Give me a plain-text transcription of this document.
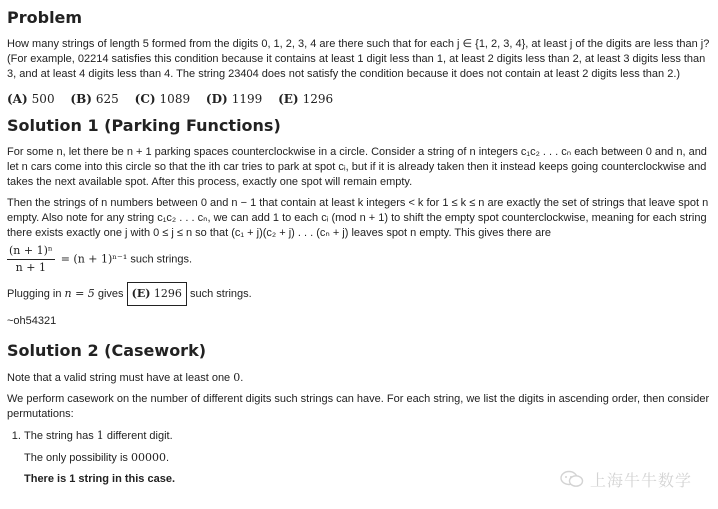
Problem

How many strings of length 5 formed from the digits 0, 1, 2, 3, 4 are there such that for each j ∈ {1, 2, 3, 4}, at least j of the digits are less than j? (For example, 02214 satisfies this condition because it contains at least 1 digit less than 1, at least 2 digits less than 2, at least 3 digits less than 3, and at least 4 digits less than 4. The string 23404 does not satisfy the condition because it does not contain at least 2 digits less than 2.)

(A) 500 (B) 625 (C) 1089 (D) 1199 (E) 1296
Solution 1 (Parking Functions)

For some n, let there be n + 1 parking spaces counterclockwise in a circle. Consider a string of n integers c₁c₂ . . . cₙ each between 0 and n, and let n cars come into this circle so that the ith car tries to park at spot cᵢ, but if it is already taken then it instead keeps going counterclockwise and takes the next available spot. After this process, exactly one spot will remain empty.

Then the strings of n numbers between 0 and n − 1 that contain at least k integers < k for 1 ≤ k ≤ n are exactly the set of strings that leave spot n empty. Also note for any string c₁c₂ . . . cₙ, we can add 1 to each cᵢ (mod n + 1) to shift the empty spot counterclockwise, meaning for each string there exists exactly one j with 0 ≤ j ≤ n so that (c₁ + j)(c₂ + j) . . . (cₙ + j) leaves spot n empty. This gives there are

$\frac{\text{(n + 1)ⁿ}}{n + 1} = (n + 1)^{n-1}$ such strings.

Plugging in n = 5 gives (E) 1296 such strings.

~oh54321

Solution 2 (Casework)

Note that a valid string must have at least one 0.

We perform casework on the number of different digits such strings can have. For each string, we list the digits in ascending order, then consider permutations:

1. The string has 1 different digit.

The only possibility is 00000.

There is 1 string in this case.	上海牛牛数学
